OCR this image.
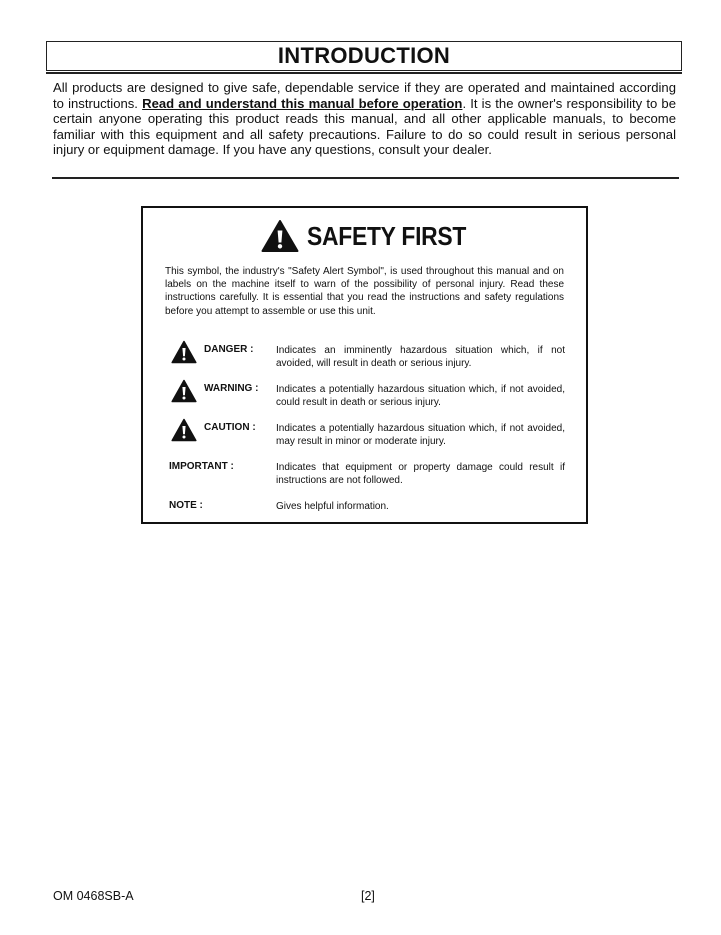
INTRODUCTION
All products are designed to give safe, dependable service if they are operated and maintained according to instructions. Read and understand this manual before operation. It is the owner's responsibility to be certain anyone operating this product reads this manual, and all other applicable manuals, to become familiar with this equipment and all safety precautions. Failure to do so could result in serious personal injury or equipment damage. If you have any questions, consult your dealer.
SAFETY FIRST
This symbol, the industry's "Safety Alert Symbol", is used throughout this manual and on labels on the machine itself to warn of the possibility of personal injury. Read these instructions carefully. It is essential that you read the instructions and safety regulations before you attempt to assemble or use this unit.
DANGER : Indicates an imminently hazardous situation which, if not avoided, will result in death or serious injury.
WARNING : Indicates a potentially hazardous situation which, if not avoided, could result in death or serious injury.
CAUTION : Indicates a potentially hazardous situation which, if not avoided, may result in minor or moderate injury.
IMPORTANT :	Indicates that equipment or property damage could result if instructions are not followed.
NOTE :	Gives helpful information.
OM 0468SB-A	[2]
